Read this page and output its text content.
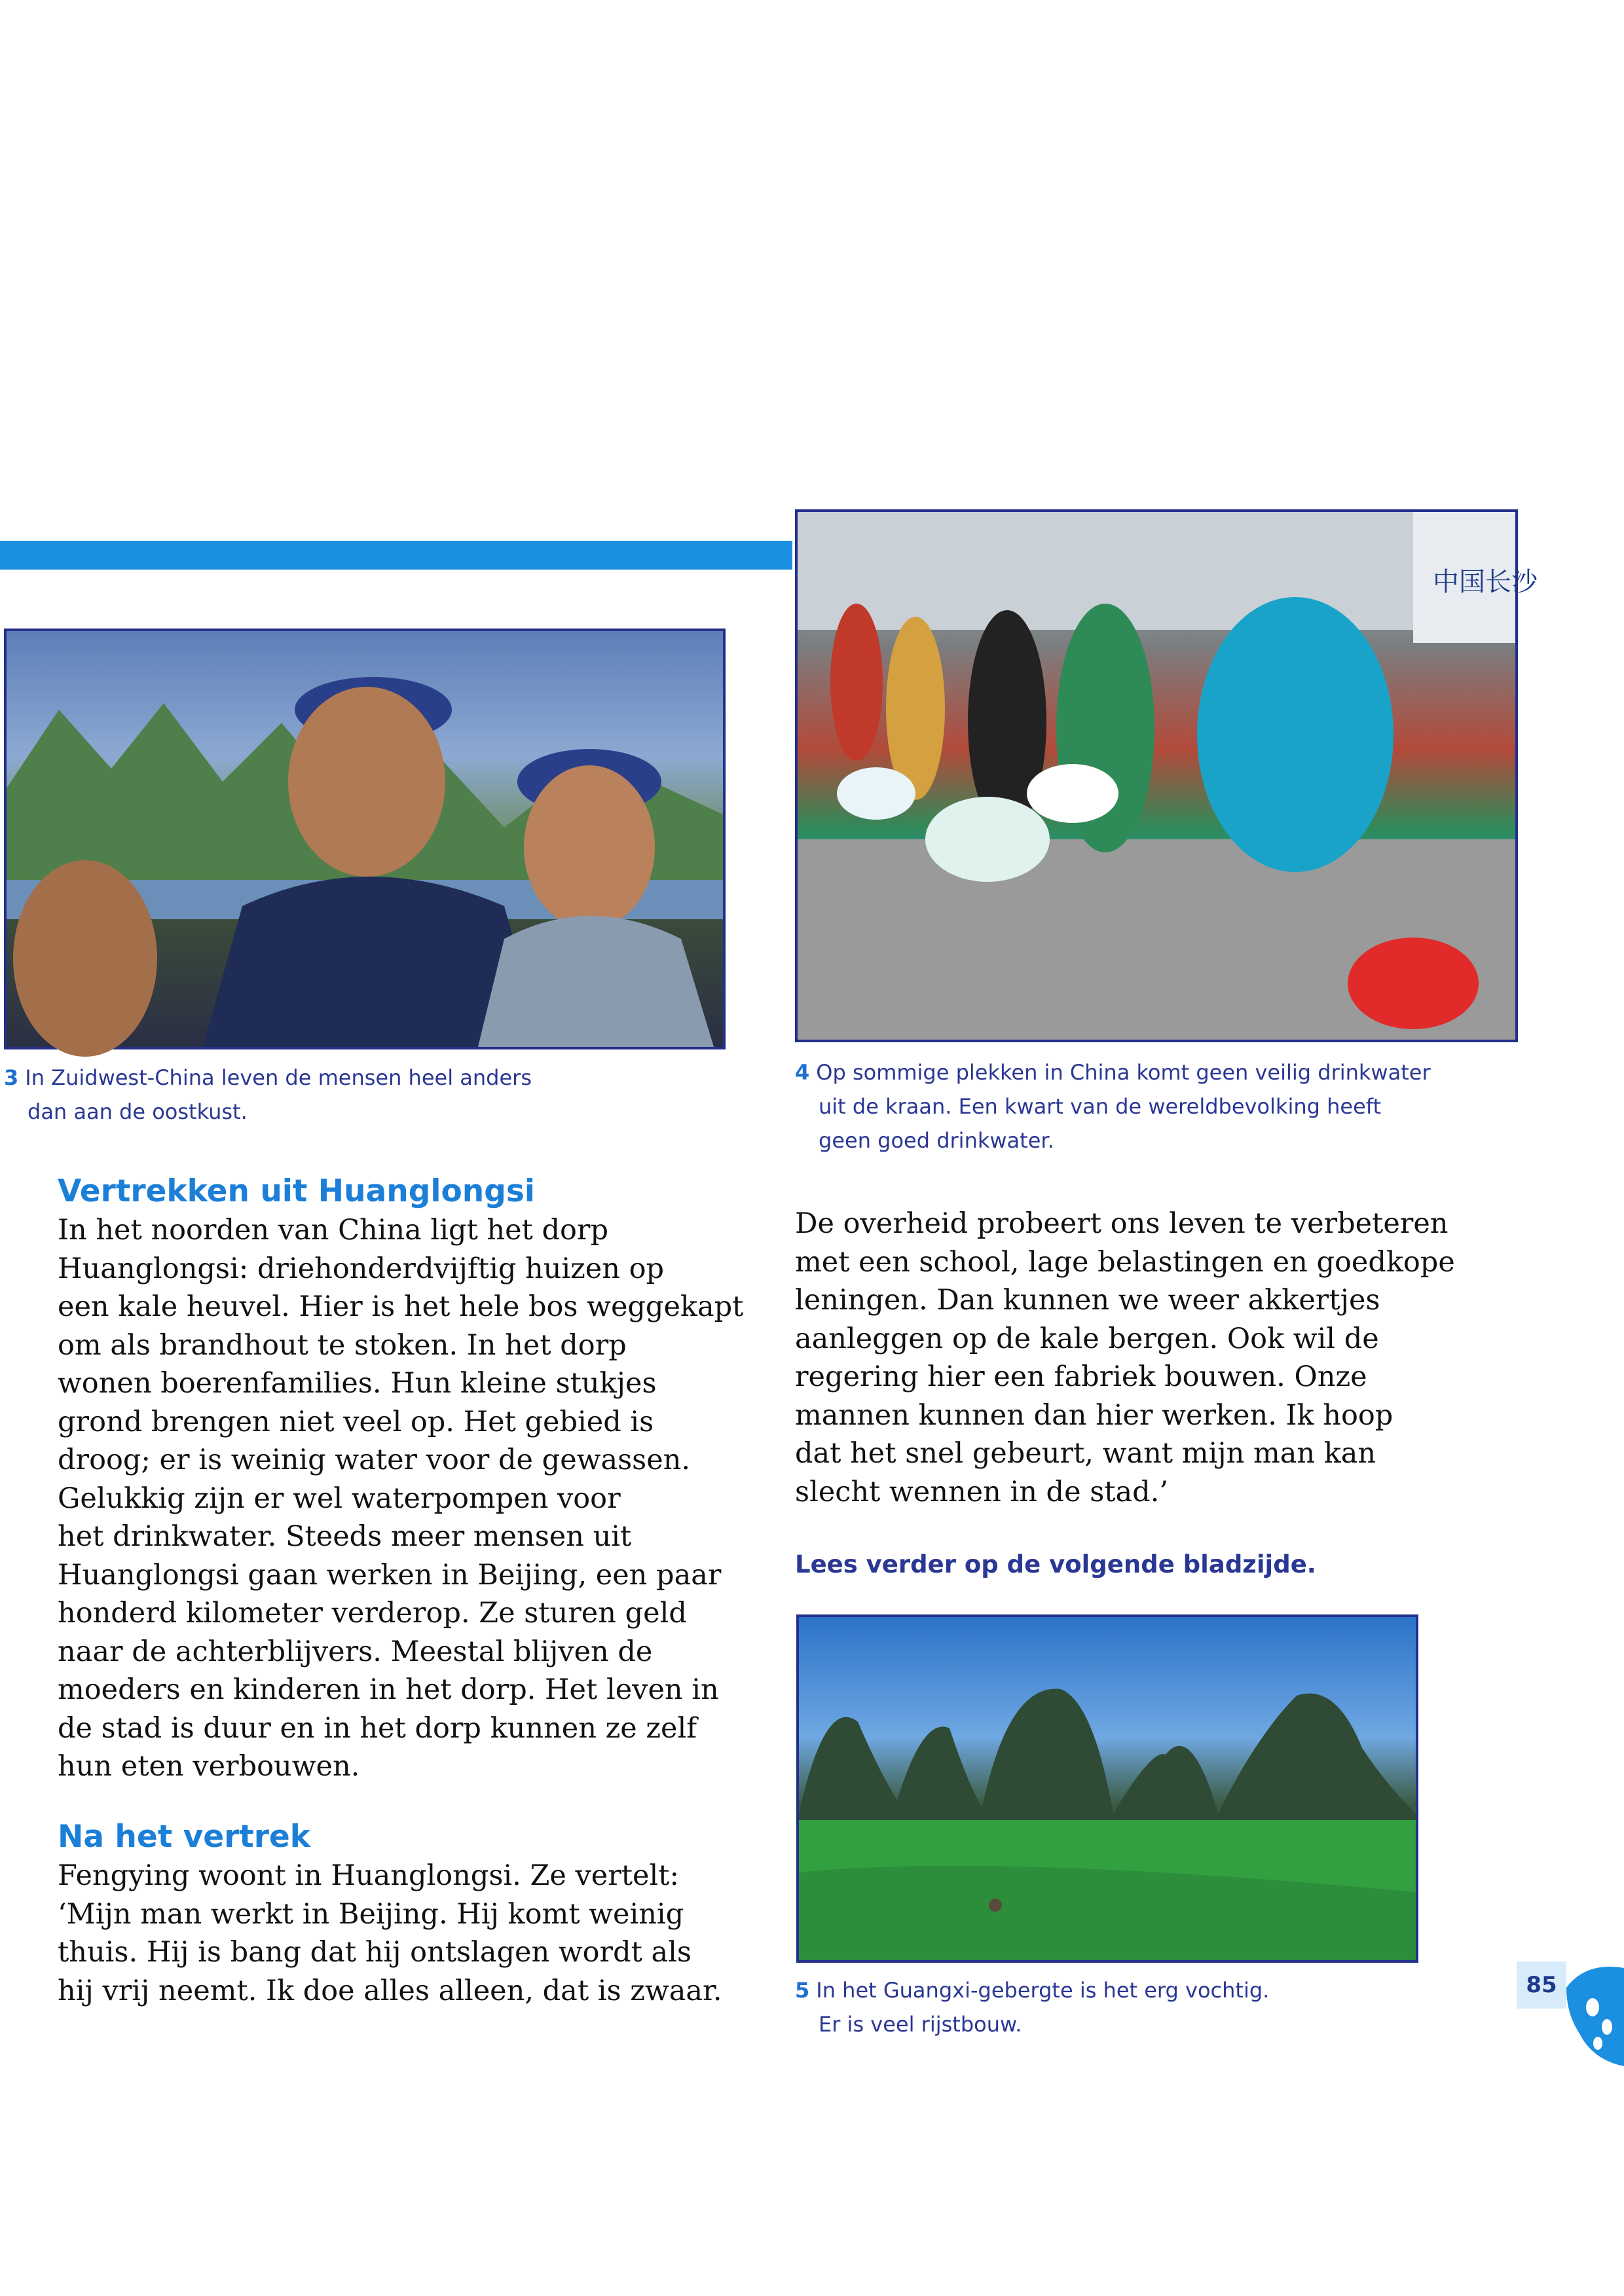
中国长沙

3 In Zuidwest-China leven de mensen heel anders
dan aan de oostkust.

4 Op sommige plekken in China komt geen veilig drinkwater
uit de kraan. Een kwart van de wereldbevolking heeft
geen goed drinkwater.

Vertrekken uit Huanglongsi

In het noorden van China ligt het dorp
Huanglongsi: driehonderdvijftig huizen op
een kale heuvel. Hier is het hele bos weggekapt
om als brandhout te stoken. In het dorp
wonen boerenfamilies. Hun kleine stukjes
grond brengen niet veel op. Het gebied is
droog; er is weinig water voor de gewassen.
Gelukkig zijn er wel waterpompen voor
het drinkwater. Steeds meer mensen uit
Huanglongsi gaan werken in Beijing, een paar
honderd kilometer verderop. Ze sturen geld
naar de achterblijvers. Meestal blijven de
moeders en kinderen in het dorp. Het leven in
de stad is duur en in het dorp kunnen ze zelf
hun eten verbouwen.

Na het vertrek

Fengying woont in Huanglongsi. Ze vertelt:
‘Mijn man werkt in Beijing. Hij komt weinig
thuis. Hij is bang dat hij ontslagen wordt als
hij vrij neemt. Ik doe alles alleen, dat is zwaar.

De overheid probeert ons leven te verbeteren
met een school, lage belastingen en goedkope
leningen. Dan kunnen we weer akkertjes
aanleggen op de kale bergen. Ook wil de
regering hier een fabriek bouwen. Onze
mannen kunnen dan hier werken. Ik hoop
dat het snel gebeurt, want mijn man kan
slecht wennen in de stad.’

Lees verder op de volgende bladzijde.

5 In het Guangxi-gebergte is het erg vochtig.
Er is veel rijstbouw.

85
